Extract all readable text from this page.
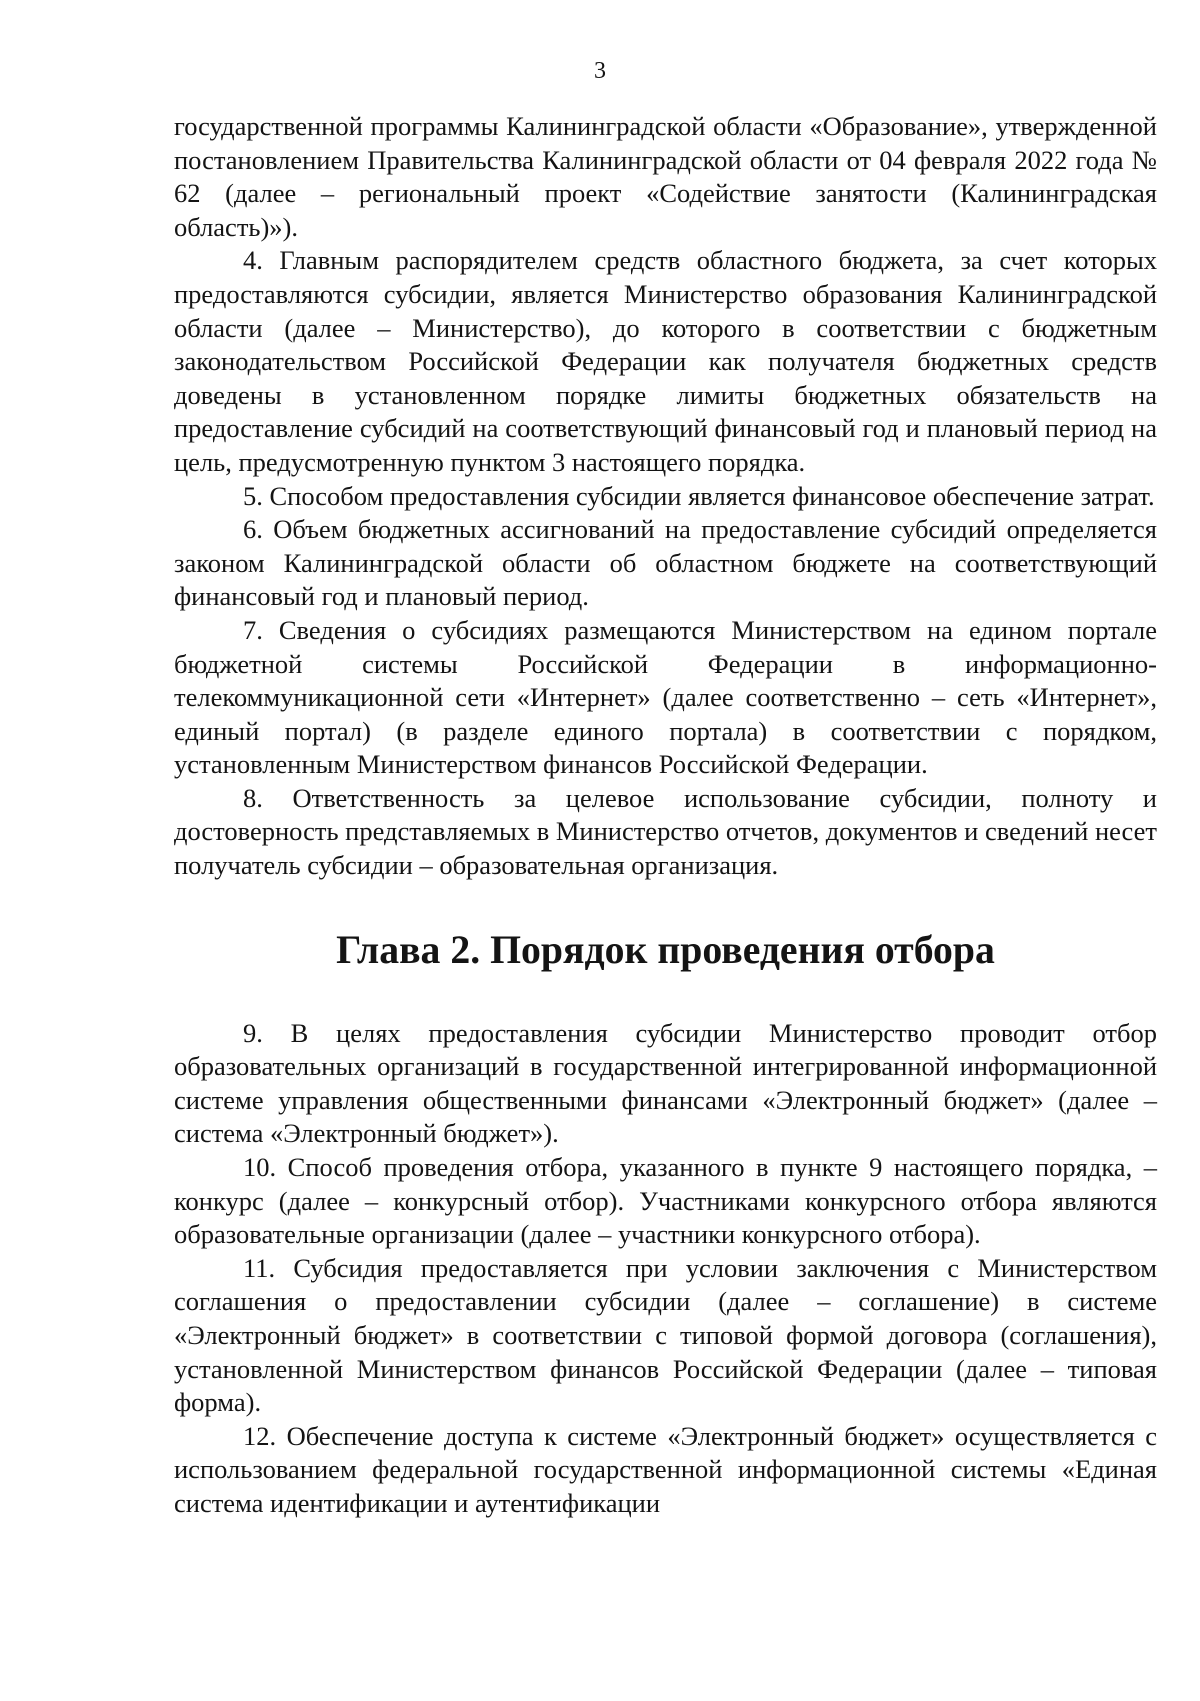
3

государственной программы Калининградской области «Образование», утвержденной постановлением Правительства Калининградской области от 04 февраля 2022 года № 62 (далее – региональный проект «Содействие занятости (Калининградская область)»).

4. Главным распорядителем средств областного бюджета, за счет которых предоставляются субсидии, является Министерство образования Калининградской области (далее – Министерство), до которого в соответствии с бюджетным законодательством Российской Федерации как получателя бюджетных средств доведены в установленном порядке лимиты бюджетных обязательств на предоставление субсидий на соответствующий финансовый год и плановый период на цель, предусмотренную пунктом 3 настоящего порядка.

5. Способом предоставления субсидии является финансовое обеспечение затрат.

6. Объем бюджетных ассигнований на предоставление субсидий определяется законом Калининградской области об областном бюджете на соответствующий финансовый год и плановый период.

7. Сведения о субсидиях размещаются Министерством на едином портале бюджетной системы Российской Федерации в информационно-телекоммуникационной сети «Интернет» (далее соответственно – сеть «Интернет», единый портал) (в разделе единого портала) в соответствии с порядком, установленным Министерством финансов Российской Федерации.

8. Ответственность за целевое использование субсидии, полноту и достоверность представляемых в Министерство отчетов, документов и сведений несет получатель субсидии – образовательная организация.

Глава 2. Порядок проведения отбора

9. В целях предоставления субсидии Министерство проводит отбор образовательных организаций в государственной интегрированной информационной системе управления общественными финансами «Электронный бюджет» (далее – система «Электронный бюджет»).

10. Способ проведения отбора, указанного в пункте 9 настоящего порядка, – конкурс (далее – конкурсный отбор). Участниками конкурсного отбора являются образовательные организации (далее – участники конкурсного отбора).

11. Субсидия предоставляется при условии заключения с Министерством соглашения о предоставлении субсидии (далее – соглашение) в системе «Электронный бюджет» в соответствии с типовой формой договора (соглашения), установленной Министерством финансов Российской Федерации (далее – типовая форма).

12. Обеспечение доступа к системе «Электронный бюджет» осуществляется с использованием федеральной государственной информационной системы «Единая система идентификации и аутентификации
